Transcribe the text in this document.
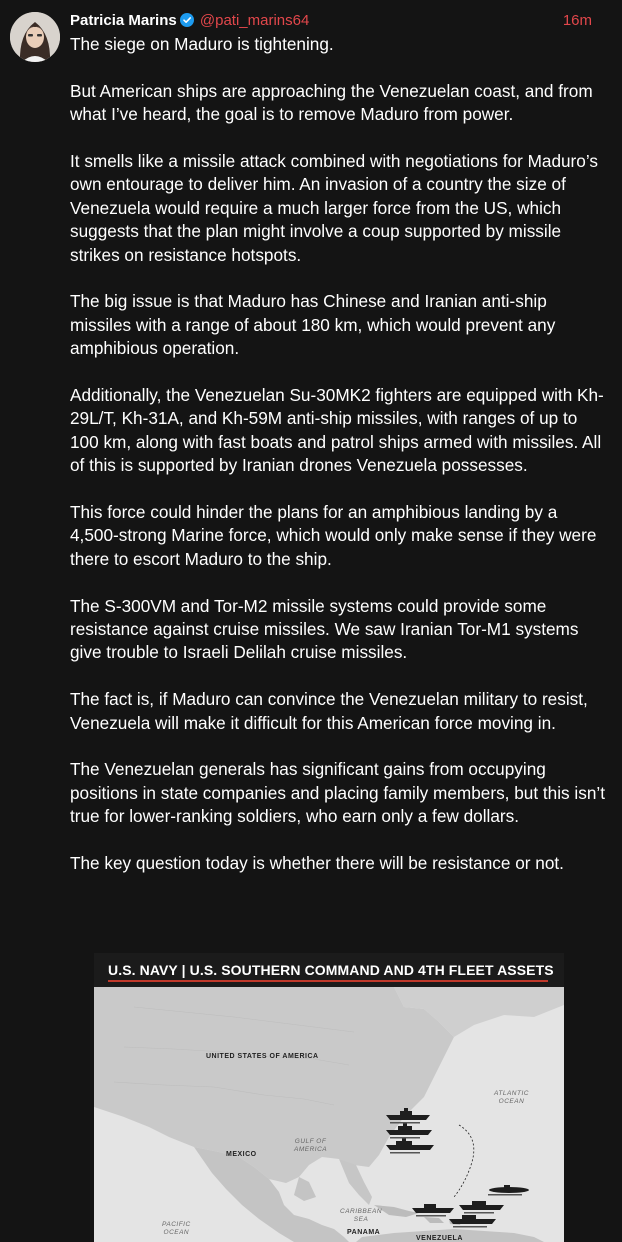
Patricia Marins @pati_marins64	16m

The siege on Maduro is tightening.

But American ships are approaching the Venezuelan coast, and from what I’ve heard, the goal is to remove Maduro from power.

It smells like a missile attack combined with negotiations for Maduro’s own entourage to deliver him. An invasion of a country the size of Venezuela would require a much larger force from the US, which suggests that the plan might involve a coup supported by missile strikes on resistance hotspots.

The big issue is that Maduro has Chinese and Iranian anti-ship missiles with a range of about 180 km, which would prevent any amphibious operation.

Additionally, the Venezuelan Su-30MK2 fighters are equipped with Kh-29L/T, Kh-31A, and Kh-59M anti-ship missiles, with ranges of up to 100 km, along with fast boats and patrol ships armed with missiles. All of this is supported by Iranian drones Venezuela possesses.

This force could hinder the plans for an amphibious landing by a 4,500-strong Marine force, which would only make sense if they were there to escort Maduro to the ship.

The S-300VM and Tor-M2 missile systems could provide some resistance against cruise missiles. We saw Iranian Tor-M1 systems give trouble to Israeli Delilah cruise missiles.

The fact is, if Maduro can convince the Venezuelan military to resist, Venezuela will make it difficult for this American force moving in.

The Venezuelan generals has significant gains from occupying positions in state companies and placing family members, but this isn’t true for lower-ranking soldiers, who earn only a few dollars.

The key question today is whether there will be resistance or not.

U.S. NAVY | U.S. SOUTHERN COMMAND AND 4TH FLEET ASSETS
UNITED STATES OF AMERICA
MEXICO
GULF OF
AMERICA
ATLANTIC
OCEAN
CARIBBEAN
SEA
PACIFIC
OCEAN	PANAMA
VENEZUELA
